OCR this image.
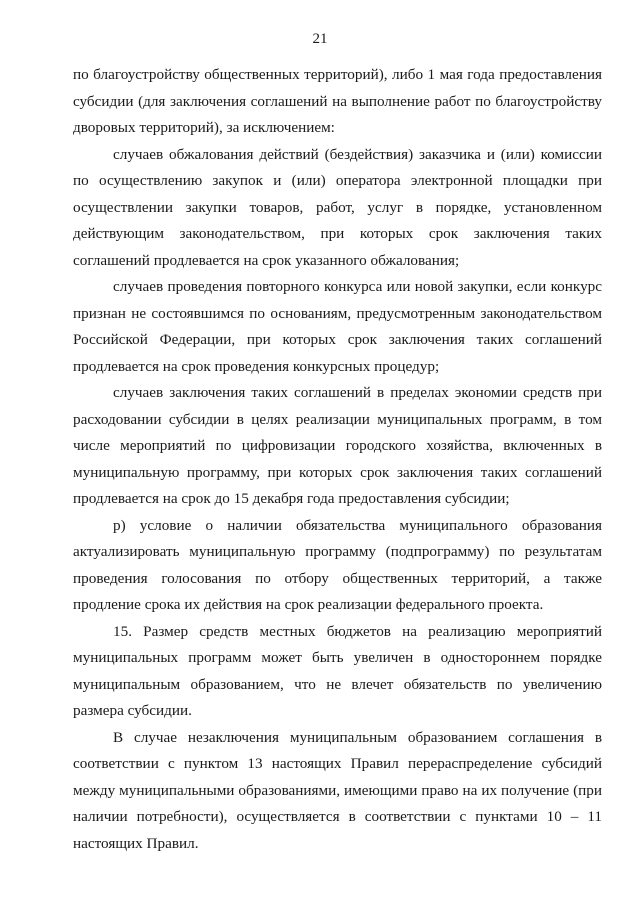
21

по благоустройству общественных территорий), либо 1 мая года предоставления субсидии (для заключения соглашений на выполнение работ по благоустройству дворовых территорий), за исключением:

случаев обжалования действий (бездействия) заказчика и (или) комиссии по осуществлению закупок и (или) оператора электронной площадки при осуществлении закупки товаров, работ, услуг в порядке, установленном действующим законодательством, при которых срок заключения таких соглашений продлевается на срок указанного обжалования;

случаев проведения повторного конкурса или новой закупки, если конкурс признан не состоявшимся по основаниям, предусмотренным законодательством Российской Федерации, при которых срок заключения таких соглашений продлевается на срок проведения конкурсных процедур;

случаев заключения таких соглашений в пределах экономии средств при расходовании субсидии в целях реализации муниципальных программ, в том числе мероприятий по цифровизации городского хозяйства, включенных в муниципальную программу, при которых срок заключения таких соглашений продлевается на срок до 15 декабря года предоставления субсидии;

р) условие о наличии обязательства муниципального образования актуализировать муниципальную программу (подпрограмму) по результатам проведения голосования по отбору общественных территорий, а также продление срока их действия на срок реализации федерального проекта.

15. Размер средств местных бюджетов на реализацию мероприятий муниципальных программ может быть увеличен в одностороннем порядке муниципальным образованием, что не влечет обязательств по увеличению размера субсидии.

В случае незаключения муниципальным образованием соглашения в соответствии с пунктом 13 настоящих Правил перераспределение субсидий между муниципальными образованиями, имеющими право на их получение (при наличии потребности), осуществляется в соответствии с пунктами 10 – 11 настоящих Правил.
